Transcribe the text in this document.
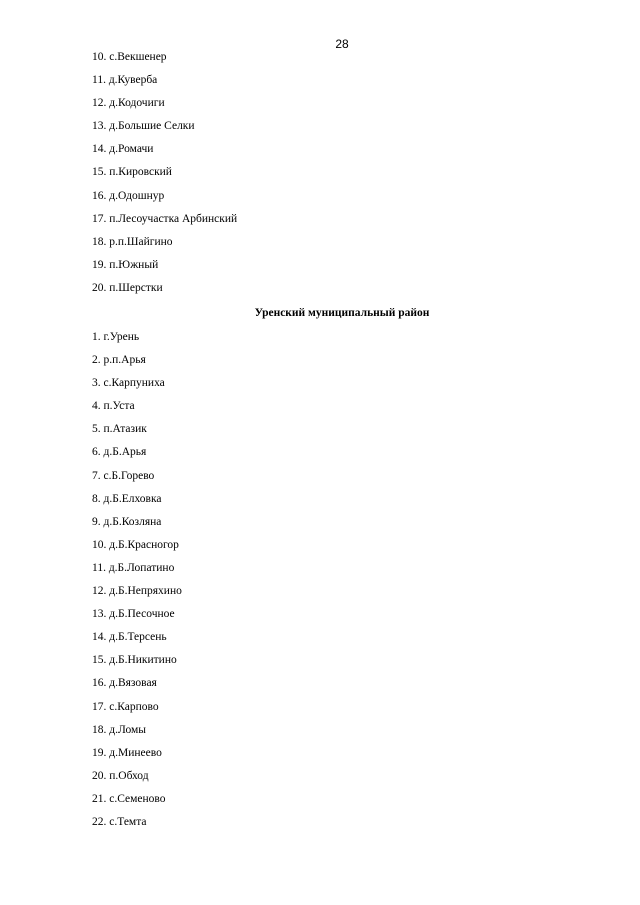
28
10. с.Векшенер
11. д.Куверба
12. д.Кодочиги
13. д.Большие Селки
14. д.Ромачи
15. п.Кировский
16. д.Одошнур
17. п.Лесоучастка Арбинский
18. р.п.Шайгино
19. п.Южный
20. п.Шерстки
Уренский муниципальный район
1. г.Урень
2. р.п.Арья
3. с.Карпуниха
4. п.Уста
5. п.Атазик
6. д.Б.Арья
7. с.Б.Горево
8. д.Б.Елховка
9. д.Б.Козляна
10. д.Б.Красногор
11. д.Б.Лопатино
12. д.Б.Непряхино
13. д.Б.Песочное
14. д.Б.Терсень
15. д.Б.Никитино
16. д.Вязовая
17. с.Карпово
18. д.Ломы
19. д.Минеево
20. п.Обход
21. с.Семеново
22. с.Темта
